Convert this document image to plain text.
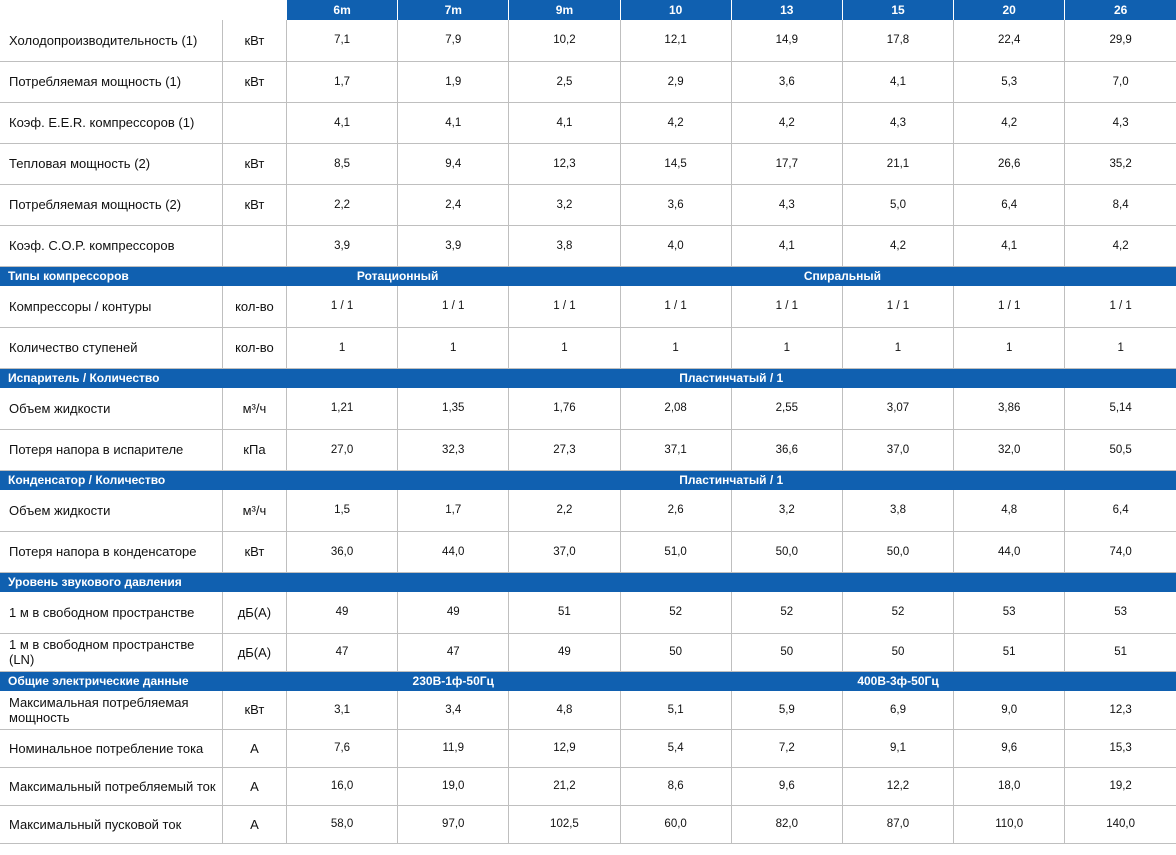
		6m	7m	9m	10	13	15	20	26
Холодопроизводительность (1)	кВт	7,1	7,9	10,2	12,1	14,9	17,8	22,4	29,9
Потребляемая мощность (1)	кВт	1,7	1,9	2,5	2,9	3,6	4,1	5,3	7,0
Коэф. E.E.R. компрессоров (1)		4,1	4,1	4,1	4,2	4,2	4,3	4,2	4,3
Тепловая мощность (2)	кВт	8,5	9,4	12,3	14,5	17,7	21,1	26,6	35,2
Потребляемая мощность (2)	кВт	2,2	2,4	3,2	3,6	4,3	5,0	6,4	8,4
Коэф. C.O.P. компрессоров		3,9	3,9	3,8	4,0	4,1	4,2	4,1	4,2
Типы компрессоров		Ротационный		Спиральный					
Компрессоры / контуры	кол-во	1 / 1	1 / 1	1 / 1	1 / 1	1 / 1	1 / 1	1 / 1	1 / 1
Количество ступеней	кол-во	1	1	1	1	1	1	1	1
Испаритель / Количество		Пластинчатый / 1							
Объем жидкости	м³/ч	1,21	1,35	1,76	2,08	2,55	3,07	3,86	5,14
Потеря напора в испарителе	кПа	27,0	32,3	27,3	37,1	36,6	37,0	32,0	50,5
Конденсатор / Количество		Пластинчатый / 1							
Объем жидкости	м³/ч	1,5	1,7	2,2	2,6	3,2	3,8	4,8	6,4
Потеря напора в конденсаторе	кВт	36,0	44,0	37,0	51,0	50,0	50,0	44,0	74,0
Уровень звукового давления									
1 м в свободном пространстве	дБ(А)	49	49	51	52	52	52	53	53
1 м в свободном пространстве (LN)	дБ(А)	47	47	49	50	50	50	51	51
Общие электрические данные		230В-1ф-50Гц			400В-3ф-50Гц				
Максимальная потребляемая мощность	кВт	3,1	3,4	4,8	5,1	5,9	6,9	9,0	12,3
Номинальное потребление тока	А	7,6	11,9	12,9	5,4	7,2	9,1	9,6	15,3
Максимальный потребляемый ток	А	16,0	19,0	21,2	8,6	9,6	12,2	18,0	19,2
Максимальный пусковой ток	А	58,0	97,0	102,5	60,0	82,0	87,0	110,0	140,0
